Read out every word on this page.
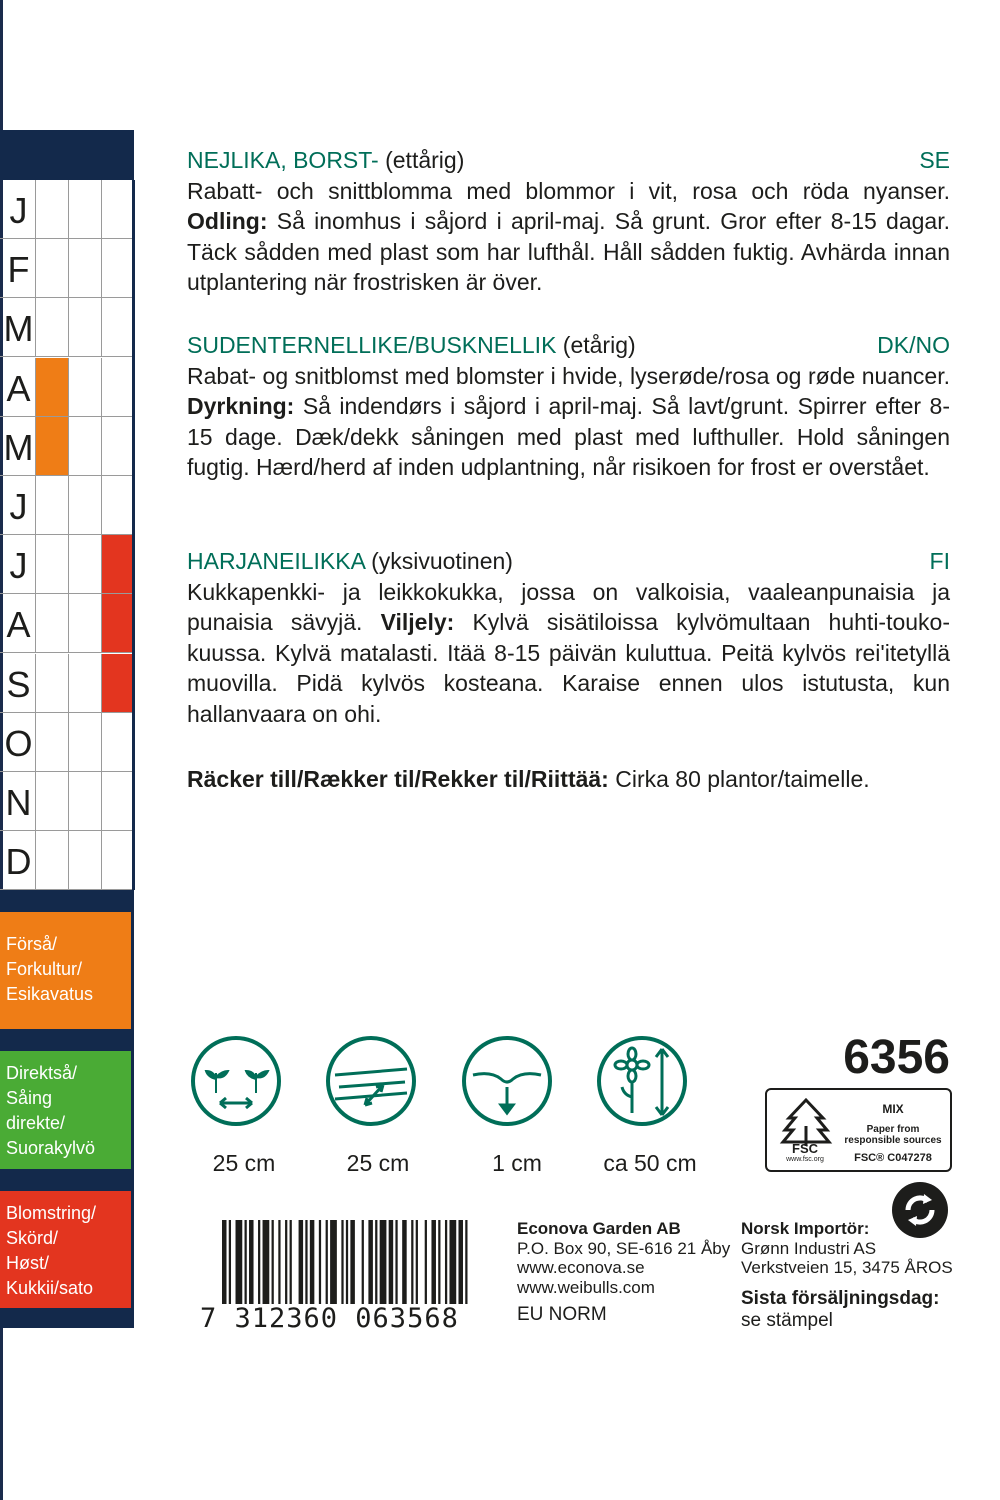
J
F
M
A
M
J
J
A
S
O
N
D
Förså/
Forkultur/
Esikavatus
Direktså/
Såing
direkte/
Suorakylvö
Blomstring/
Skörd/
Høst/
Kukkii/sato
NEJLIKA, BORST- (ettårig)	SE
Rabatt- och snittblomma med blommor i vit, rosa och röda nyanser. Odling: Så inomhus i såjord i april-maj. Så grunt. Gror efter 8-15 dagar. Täck sådden med plast som har lufthål. Håll sådden fuktig. Avhärda innan utplantering när frostrisken är över.
SUDENTERNELLIKE/BUSKNELLIK (etårig)	DK/NO
Rabat- og snitblomst med blomster i hvide, lyserøde/rosa og røde nuancer. Dyrkning: Så indendørs i såjord i april-maj. Så lavt/grunt. Spirrer efter 8-15 dage. Dæk/dekk såningen med plast med lufthuller. Hold såningen fugtig. Hærd/herd af inden udplantning, når risikoen for frost er overstået.
HARJANEILIKKA (yksivuotinen)	FI
Kukkapenkki- ja leikkokukka, jossa on valkoisia, vaaleanpunaisia ja punaisia sävyjä. Viljely: Kylvä sisätiloissa kylvömultaan huhti-touko-kuussa. Kylvä matalasti. Itää 8-15 päivän kuluttua. Peitä kylvös rei'itetyllä muovilla. Pidä kylvös kosteana. Karaise ennen ulos istutusta, kun hallanvaara on ohi.
Räcker till/Rækker til/Rekker til/Riittää: Cirka 80 plantor/taimelle.
25 cm	25 cm	1 cm	ca 50 cm
6356
FSC
www.fsc.org
MIX
Paper from
responsible sources
FSC® C047278
7 312360 063568
Econova Garden AB
P.O. Box 90, SE-616 21 Åby
www.econova.se
www.weibulls.com
EU NORM
Norsk Importör:
Grønn Industri AS
Verkstveien 15, 3475 ÅROS
Sista försäljningsdag:
se stämpel
